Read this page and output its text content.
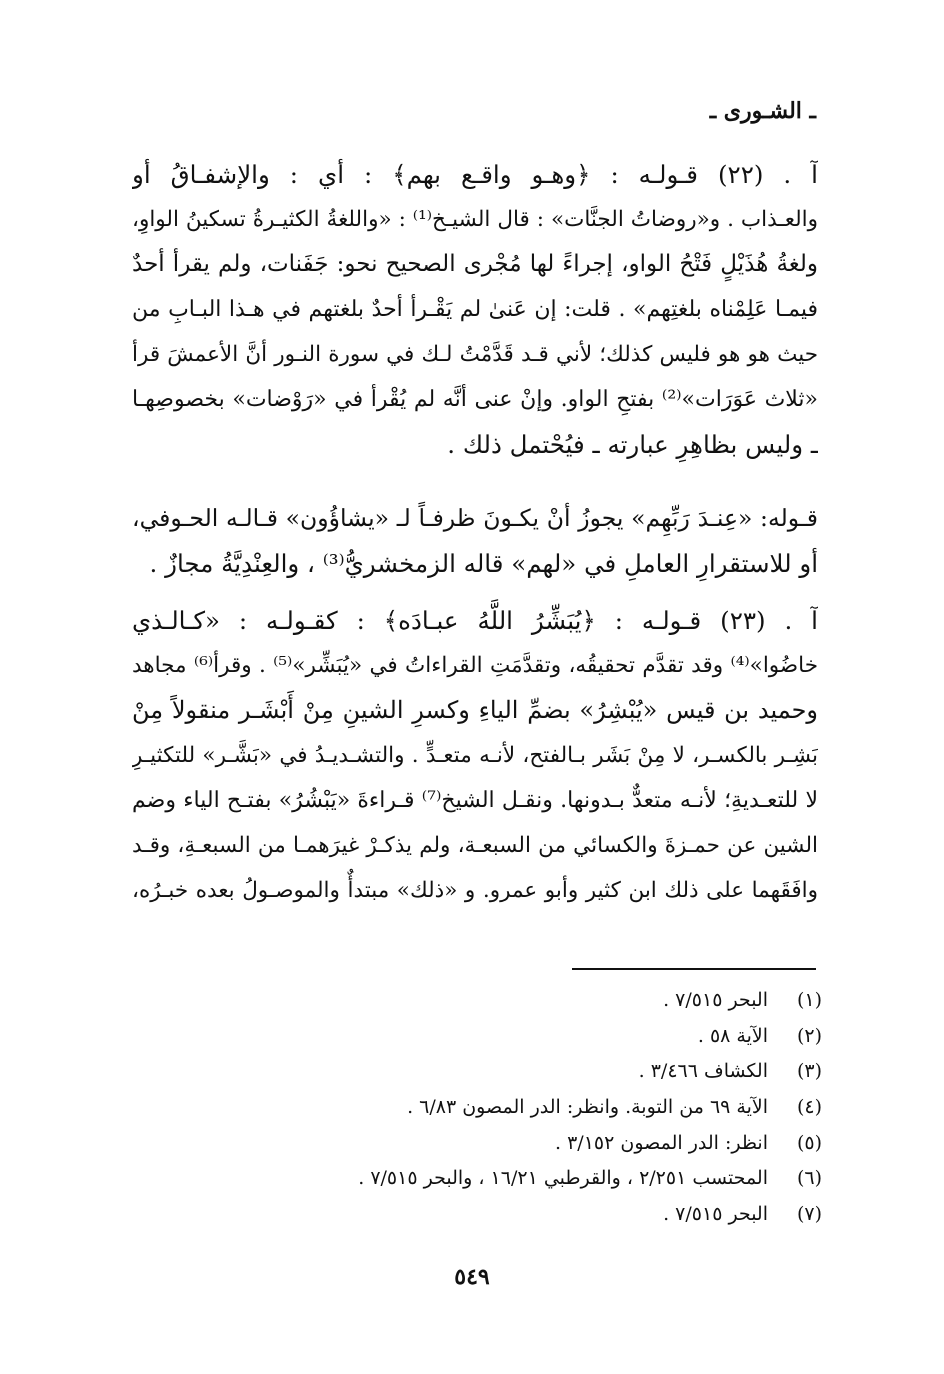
ـ الشـورى ـ
آ . (٢٢) قـولـه : ﴿وهـو واقـع بهم﴾ : أي : والإشفـاقُ أو
والعـذاب . و«روضاتُ الجنَّات» : قال الشيـخ⁽¹⁾ : «واللغةُ الكثيـرةُ تسكينُ الواوِ،
ولغةُ هُذَيْلٍ فَتْحُ الواو، إجراءً لها مُجْرى الصحيح نحو: جَفَنات، ولم يقرأ أحدٌ
فيمـا عَلِمْناه بلغتِهم» . قلت: إن عَنىٰ لم يَقْـرأ أحدٌ بلغتهم في هـذا البـابِ من
حيث هو هو فليس كذلك؛ لأني قـد قَدَّمْتُ لـك في سورة النـور أنَّ الأعمشَ قرأ
«ثلاث عَوَرَات»⁽²⁾ بفتحِ الواو. وإنْ عنى أنَّه لم يُقْرأ في «رَوْضات» بخصوصِهـا
ـ وليس بظاهِرِ عبارته ـ فيُحْتمل ذلك .
قـوله: «عِنـدَ رَبِّهِم» يجوزُ أنْ يكـونَ ظرفـاً لـ «يشاؤُون» قـالـه الحـوفي،
أو للاستقرارِ العاملِ في «لهم» قاله الزمخشريُّ⁽³⁾ ، والعِنْدِيَّةُ مجازٌ .
آ . (٢٣) قـولـه : ﴿يُبَشِّرُ اللَّهُ عبـادَه﴾ : كقـولـه : «كـالـذي
خاضُوا»⁽⁴⁾ وقد تقدَّم تحقيقُه، وتقدَّمَتِ القراءاتُ في «يُبَشِّر»⁽⁵⁾ . وقرأ⁽⁶⁾ مجاهد
وحميد بن قيس «يُبْشِرُ» بضمِّ الياءِ وكسرِ الشينِ مِنْ أَبْشَـر منقولاً مِنْ
بَشِـر بالكسـر، لا مِنْ بَشَر بـالفتح، لأنـه متعـدٍّ . والتشـديـدُ في «بَشَّـر» للتكثيـرِ
لا للتعـديةِ؛ لأنـه متعدٌّ بـدونها. ونقـل الشيخ⁽⁷⁾ قـراءةَ «يَبْشُرُ» بفتـح الياء وضم
الشين عن حمـزةَ والكسائي من السبعـة، ولم يذكـرْ غيرَهمـا من السبعـةِ، وقـد
وافَقَهما على ذلك ابن كثير وأبو عمرو. و «ذلك» مبتدأٌ والموصـولُ بعده خبـرُه،
(١)
البحر ٧/٥١٥ .
(٢)
الآية ٥٨ .
(٣)
الكشاف ٣/٤٦٦ .
(٤)
الآية ٦٩ من التوبة. وانظر: الدر المصون ٦/٨٣ .
(٥)
انظر: الدر المصون ٣/١٥٢ .
(٦)
المحتسب ٢/٢٥١ ، والقرطبي ١٦/٢١ ، والبحر ٧/٥١٥ .
(٧)
البحر ٧/٥١٥ .
٥٤٩
